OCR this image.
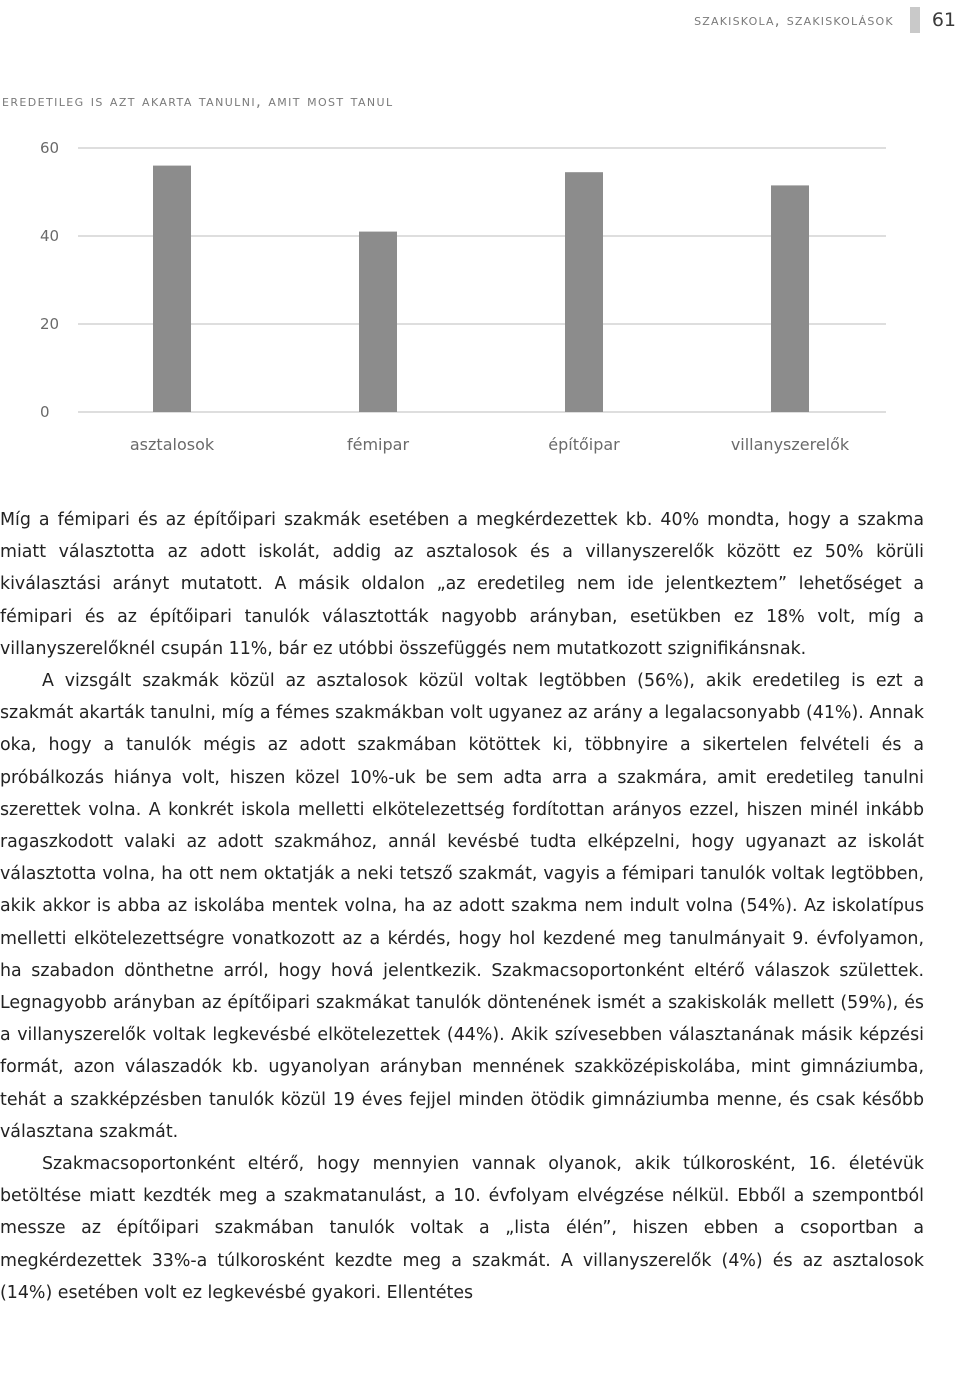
szakiskola, szakiskolások 61
eredetileg is azt akarta tanulni, amit most tanul
60
40
20
0
asztalosok	fémipar	építőipar	villanyszerelők

Míg a fémipari és az építőipari szakmák esetében a megkérdezettek kb. 40% mondta, hogy a szakma miatt választotta az adott iskolát, addig az asztalosok és a villanyszerelők között ez 50% körüli kiválasztási arányt mutatott. A másik oldalon „az eredetileg nem ide jelentkeztem” lehetőséget a fémipari és az építőipari tanulók választották nagyobb arányban, esetükben ez 18% volt, míg a villanyszerelőknél csupán 11%, bár ez utóbbi összefüggés nem mutatkozott szignifikánsnak.

A vizsgált szakmák közül az asztalosok közül voltak legtöbben (56%), akik eredetileg is ezt a szakmát akarták tanulni, míg a fémes szakmákban volt ugyanez az arány a legalacsonyabb (41%). Annak oka, hogy a tanulók mégis az adott szakmában kötöttek ki, többnyire a sikertelen felvételi és a próbálkozás hiánya volt, hiszen közel 10%-uk be sem adta arra a szakmára, amit eredetileg tanulni szerettek volna. A konkrét iskola melletti elkötelezettség fordítottan arányos ezzel, hiszen minél inkább ragaszkodott valaki az adott szakmához, annál kevésbé tudta elképzelni, hogy ugyanazt az iskolát választotta volna, ha ott nem oktatják a neki tetsző szakmát, vagyis a fémipari tanulók voltak legtöbben, akik akkor is abba az iskolába mentek volna, ha az adott szakma nem indult volna (54%). Az iskolatípus melletti elkötelezettségre vonatkozott az a kérdés, hogy hol kezdené meg tanulmányait 9. évfolyamon, ha szabadon dönthetne arról, hogy hová jelentkezik. Szakmacsoportonként eltérő válaszok születtek. Legnagyobb arányban az építőipari szakmákat tanulók döntenének ismét a szakiskolák mellett (59%), és a villanyszerelők voltak legkevésbé elkötelezettek (44%). Akik szívesebben választanának másik képzési formát, azon válaszadók kb. ugyanolyan arányban mennének szakközépiskolába, mint gimnáziumba, tehát a szakképzésben tanulók közül 19 éves fejjel minden ötödik gimnáziumba menne, és csak később választana szakmát.

Szakmacsoportonként eltérő, hogy mennyien vannak olyanok, akik túlkorosként, 16. életévük betöltése miatt kezdték meg a szakmatanulást, a 10. évfolyam elvégzése nélkül. Ebből a szempontból messze az építőipari szakmában tanulók voltak a „lista élén”, hiszen ebben a csoportban a megkérdezettek 33%-a túlkorosként kezdte meg a szakmát. A villanyszerelők (4%) és az asztalosok (14%) esetében volt ez legkevésbé gyakori. Ellentétes
